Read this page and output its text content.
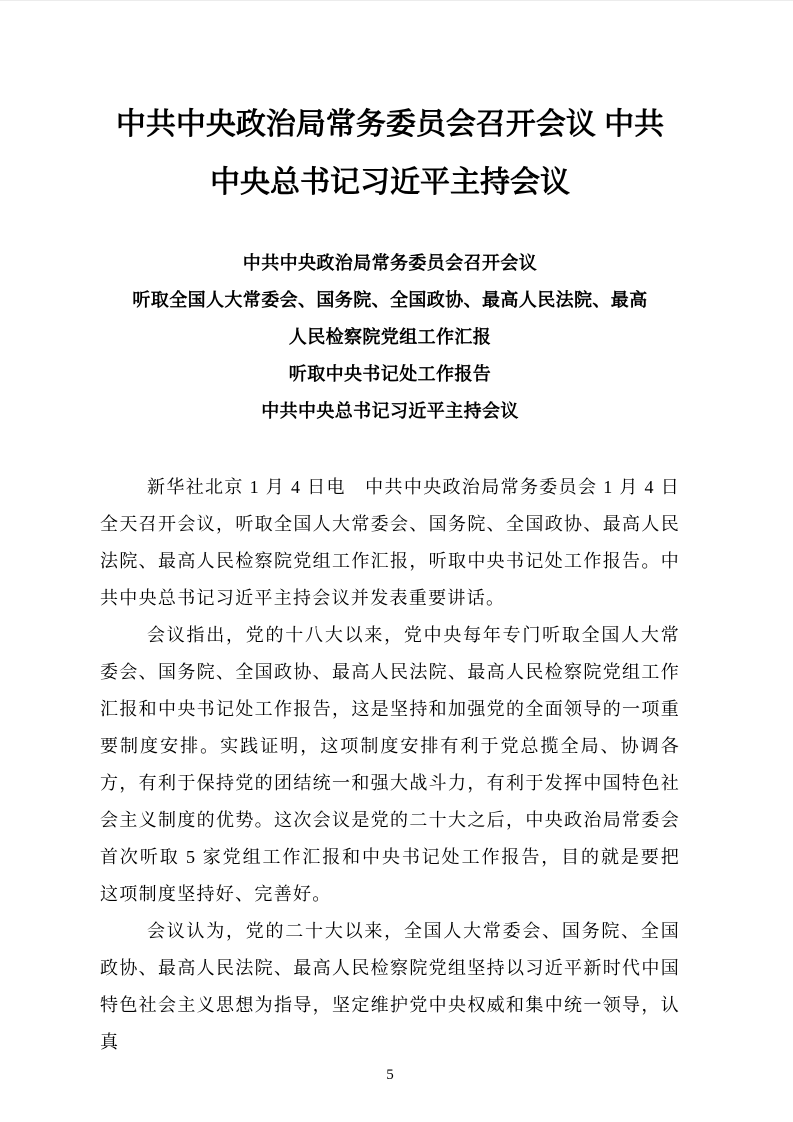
中共中央政治局常务委员会召开会议 中共
中央总书记习近平主持会议
中共中央政治局常务委员会召开会议
听取全国人大常委会、国务院、全国政协、最高人民法院、最高
人民检察院党组工作汇报
听取中央书记处工作报告
中共中央总书记习近平主持会议

新华社北京 1 月 4 日电　中共中央政治局常务委员会 1 月 4 日全天召开会议，听取全国人大常委会、国务院、全国政协、最高人民法院、最高人民检察院党组工作汇报，听取中央书记处工作报告。中共中央总书记习近平主持会议并发表重要讲话。

会议指出，党的十八大以来，党中央每年专门听取全国人大常委会、国务院、全国政协、最高人民法院、最高人民检察院党组工作汇报和中央书记处工作报告，这是坚持和加强党的全面领导的一项重要制度安排。实践证明，这项制度安排有利于党总揽全局、协调各方，有利于保持党的团结统一和强大战斗力，有利于发挥中国特色社会主义制度的优势。这次会议是党的二十大之后，中央政治局常委会首次听取 5 家党组工作汇报和中央书记处工作报告，目的就是要把这项制度坚持好、完善好。

会议认为，党的二十大以来，全国人大常委会、国务院、全国政协、最高人民法院、最高人民检察院党组坚持以习近平新时代中国特色社会主义思想为指导，坚定维护党中央权威和集中统一领导，认真

5
